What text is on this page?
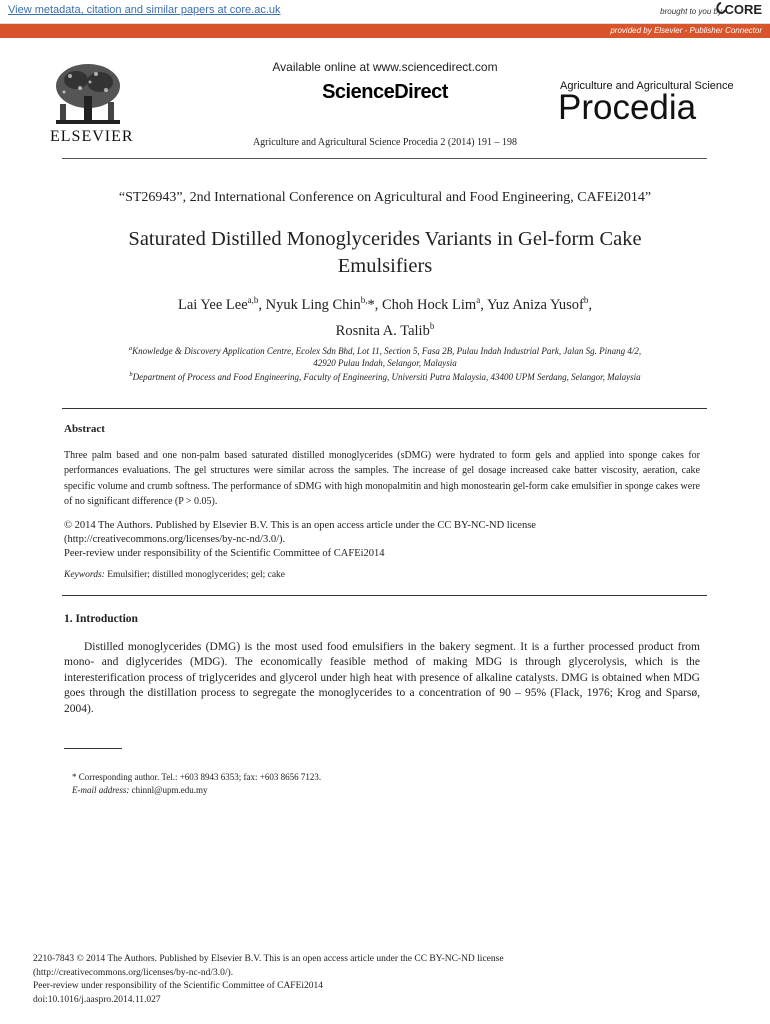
View metadata, citation and similar papers at core.ac.uk	brought to you by CORE
provided by Elsevier - Publisher Connector
ELSEVIER
Available online at www.sciencedirect.com
ScienceDirect
Agriculture and Agricultural Science Procedia 2 (2014) 191 – 198
Agriculture and Agricultural Science
Procedia
“ST26943”, 2nd International Conference on Agricultural and Food Engineering, CAFEi2014”
Saturated Distilled Monoglycerides Variants in Gel-form Cake
Emulsifiers
Lai Yee Lee$^{a,b}$, Nyuk Ling Chin$^{b,}$*, Choh Hock Lim$^a$, Yuz Aniza Yusof$^b$,
Rosnita A. Talib$^b$
$^a$Knowledge & Discovery Application Centre, Ecolex Sdn Bhd, Lot 11, Section 5, Fasa 2B, Pulau Indah Industrial Park, Jalan Sg. Pinang 4/2,
42920 Pulau Indah, Selangor, Malaysia
$^b$Department of Process and Food Engineering, Faculty of Engineering, Universiti Putra Malaysia, 43400 UPM Serdang, Selangor, Malaysia
Abstract
Three palm based and one non-palm based saturated distilled monoglycerides (sDMG) were hydrated to form gels and applied into sponge cakes for performances evaluations. The gel structures were similar across the samples. The increase of gel dosage increased cake batter viscosity, aeration, cake specific volume and crumb softness. The performance of sDMG with high monopalmitin and high monostearin gel-form cake emulsifier in sponge cakes were of no significant difference (P > 0.05).
© 2014 The Authors. Published by Elsevier B.V. This is an open access article under the CC BY-NC-ND license
(http://creativecommons.org/licenses/by-nc-nd/3.0/).
Peer-review under responsibility of the Scientific Committee of CAFEi2014
Keywords: Emulsifier; distilled monoglycerides; gel; cake
1. Introduction
Distilled monoglycerides (DMG) is the most used food emulsifiers in the bakery segment. It is a further processed product from mono- and diglycerides (MDG). The economically feasible method of making MDG is through glycerolysis, which is the interesterification process of triglycerides and glycerol under high heat with presence of alkaline catalysts. DMG is obtained when MDG goes through the distillation process to segregate the monoglycerides to a concentration of 90 – 95% (Flack, 1976; Krog and Sparsø, 2004).
* Corresponding author. Tel.: +603 8943 6353; fax: +603 8656 7123.
E-mail address: chinnl@upm.edu.my
2210-7843 © 2014 The Authors. Published by Elsevier B.V. This is an open access article under the CC BY-NC-ND license
(http://creativecommons.org/licenses/by-nc-nd/3.0/).
Peer-review under responsibility of the Scientific Committee of CAFEi2014
doi:10.1016/j.aaspro.2014.11.027
